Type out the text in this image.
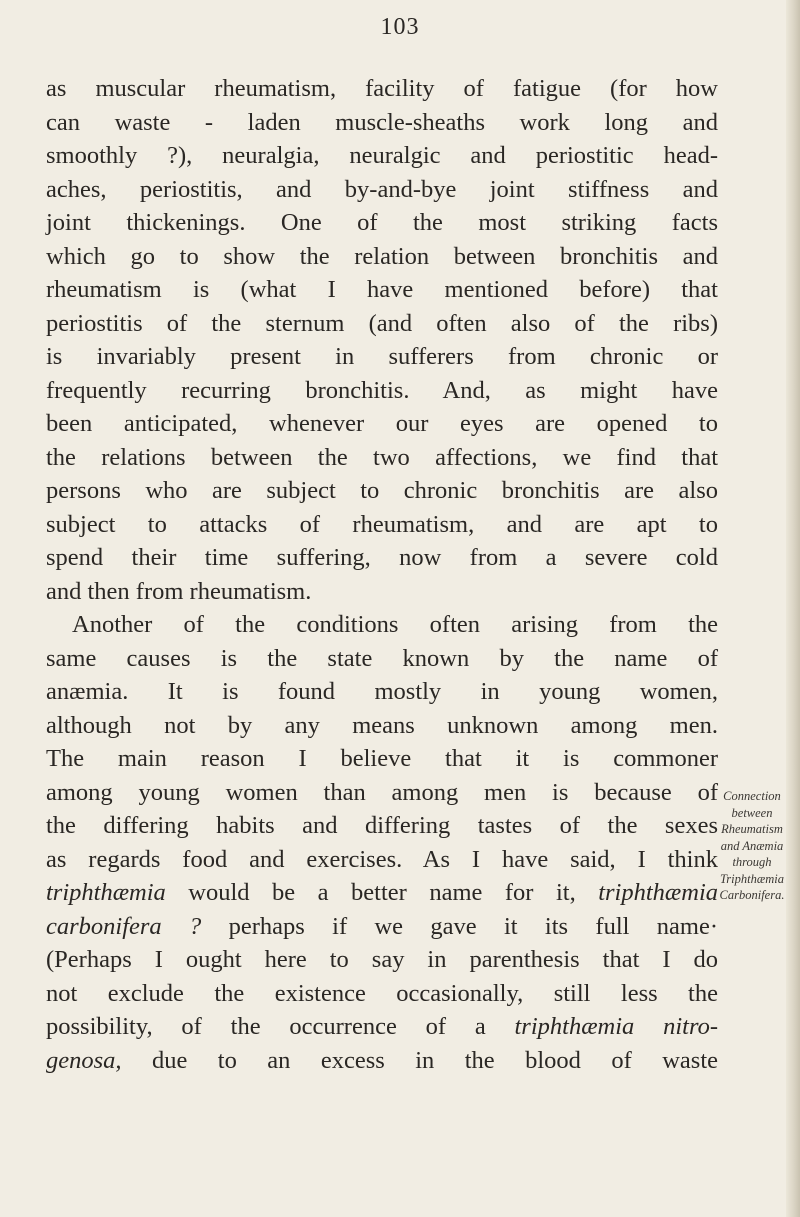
103
as muscular rheumatism, facility of fatigue (for how
can waste - laden muscle-sheaths work long and
smoothly ?), neuralgia, neuralgic and periostitic head-
aches, periostitis, and by-and-bye joint stiffness and
joint thickenings. One of the most striking facts
which go to show the relation between bronchitis and
rheumatism is (what I have mentioned before) that
periostitis of the sternum (and often also of the ribs)
is invariably present in sufferers from chronic or
frequently recurring bronchitis. And, as might have
been anticipated, whenever our eyes are opened to
the relations between the two affections, we find that
persons who are subject to chronic bronchitis are also
subject to attacks of rheumatism, and are apt to
spend their time suffering, now from a severe cold
and then from rheumatism.
Another of the conditions often arising from the
same causes is the state known by the name of
anæmia. It is found mostly in young women,
although not by any means unknown among men.
The main reason I believe that it is commoner
among young women than among men is because of
the differing habits and differing tastes of the sexes
as regards food and exercises. As I have said, I think
triphthæmia would be a better name for it, triphthæmia
carbonifera ? perhaps if we gave it its full name·
(Perhaps I ought here to say in parenthesis that I do
not exclude the existence occasionally, still less the
possibility, of the occurrence of a triphthæmia nitro-
genosa, due to an excess in the blood of waste
Connection
between
Rheumatism
and Anæmia
through
Triphthæmia
Carbonifera.
